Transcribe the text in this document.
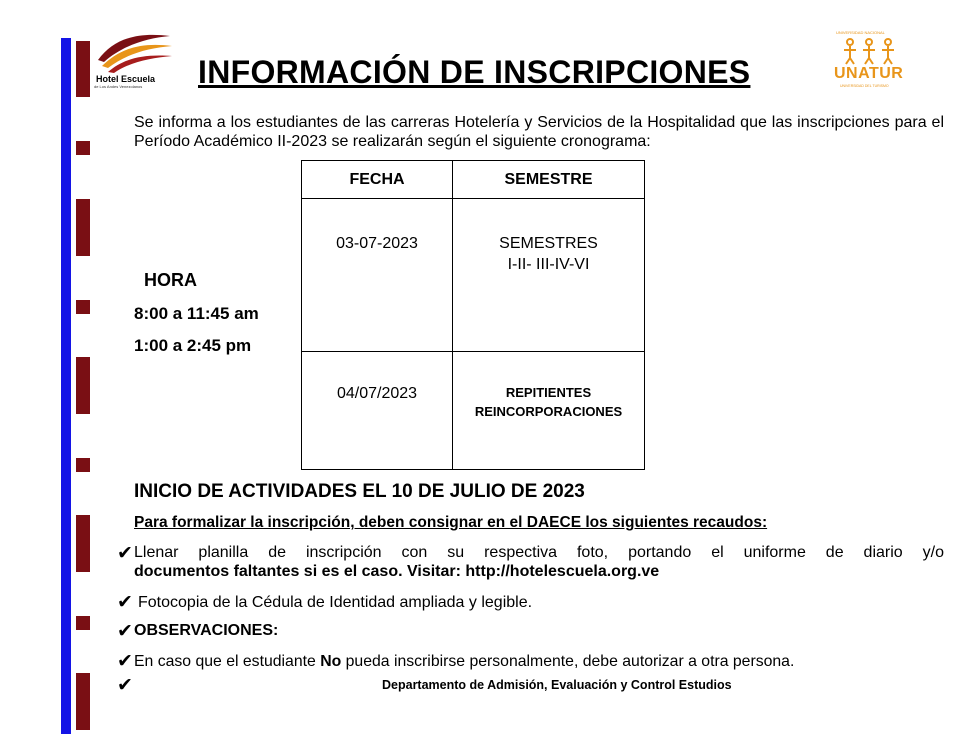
Hotel Escuela
de Los Andes Venezolanos INFORMACIÓN DE INSCRIPCIONES
UNIVERSIDAD NACIONAL
UNATUR
UNIVERSIDAD DEL TURISMO
Se informa a los estudiantes de las carreras Hotelería y Servicios de la Hospitalidad que las inscripciones para el Período Académico II-2023 se realizarán según el siguiente cronograma:
FECHA	SEMESTRE

03-07-2023	SEMESTRES
I-II- III-IV-VI

04/07/2023	REPITIENTES
REINCORPORACIONES
HORA
8:00 a 11:45 am
1:00 a 2:45 pm
INICIO DE ACTIVIDADES EL 10 DE JULIO DE 2023
Para formalizar la inscripción, deben consignar en el DAECE los siguientes recaudos:
✔ Llenar planilla de inscripción con su respectiva foto, portando el uniforme de diario y/o
documentos faltantes si es el caso. Visitar: http://hotelescuela.org.ve
✔ Fotocopia de la Cédula de Identidad ampliada y legible.
✔ OBSERVACIONES:
✔ En caso que el estudiante No pueda inscribirse personalmente, debe autorizar a otra persona.
✔	Departamento de Admisión, Evaluación y Control Estudios
